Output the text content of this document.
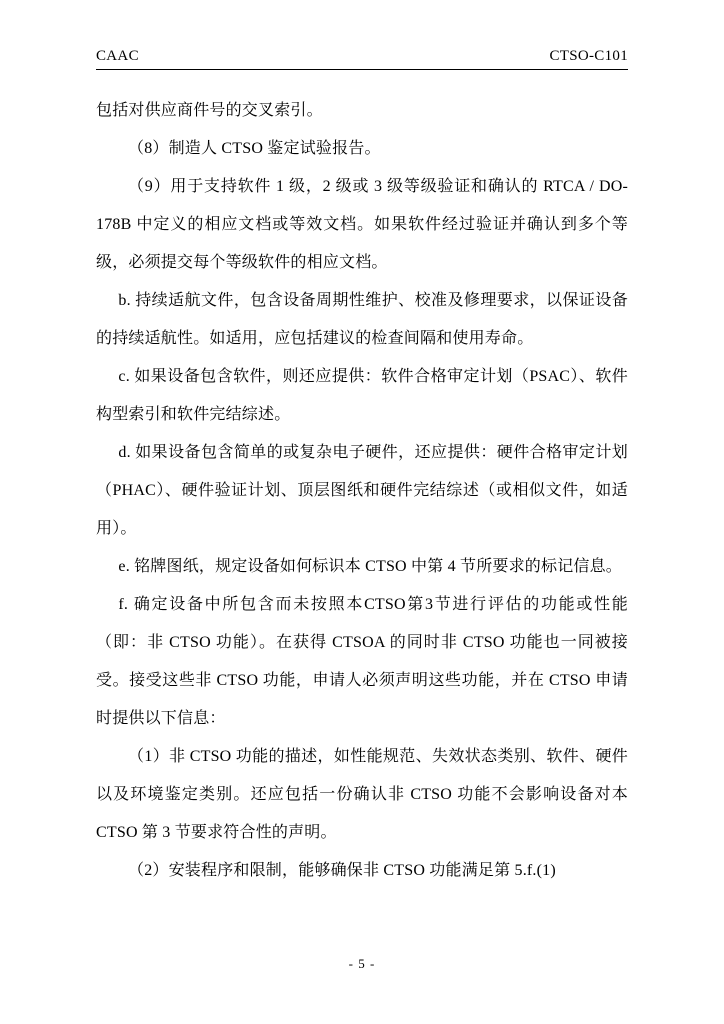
CAAC	CTSO-C101

包括对供应商件号的交叉索引。

（8）制造人 CTSO 鉴定试验报告。

（9）用于支持软件 1 级，2 级或 3 级等级验证和确认的 RTCA / DO-178B 中定义的相应文档或等效文档。如果软件经过验证并确认到多个等级，必须提交每个等级软件的相应文档。

b. 持续适航文件，包含设备周期性维护、校准及修理要求，以保证设备的持续适航性。如适用，应包括建议的检查间隔和使用寿命。

c. 如果设备包含软件，则还应提供：软件合格审定计划（PSAC）、软件构型索引和软件完结综述。

d. 如果设备包含简单的或复杂电子硬件，还应提供：硬件合格审定计划（PHAC）、硬件验证计划、顶层图纸和硬件完结综述（或相似文件，如适用）。

e. 铭牌图纸，规定设备如何标识本 CTSO 中第 4 节所要求的标记信息。

f. 确定设备中所包含而未按照本CTSO第3节进行评估的功能或性能（即：非 CTSO 功能）。在获得 CTSOA 的同时非 CTSO 功能也一同被接受。接受这些非 CTSO 功能，申请人必须声明这些功能，并在 CTSO 申请时提供以下信息：

（1）非 CTSO 功能的描述，如性能规范、失效状态类别、软件、硬件以及环境鉴定类别。还应包括一份确认非 CTSO 功能不会影响设备对本 CTSO 第 3 节要求符合性的声明。

（2）安装程序和限制，能够确保非 CTSO 功能满足第 5.f.(1)

- 5 -
